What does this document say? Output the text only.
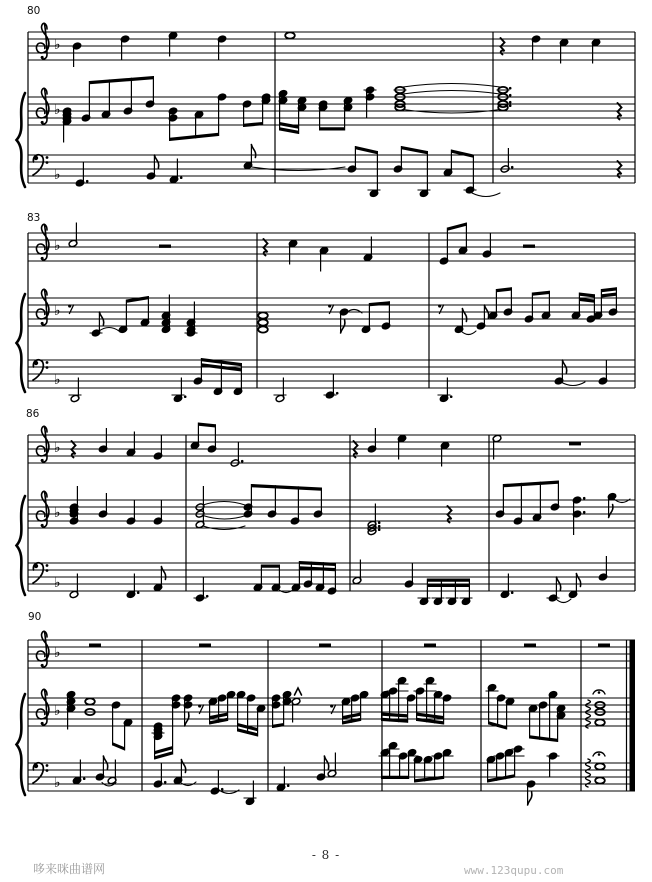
♭
♭
♭
♭
♭
♭
♭
♭
♭
♭
♭
♭
80
83
86
90
- 8 -
哆来咪曲谱网	www.123qupu.com
